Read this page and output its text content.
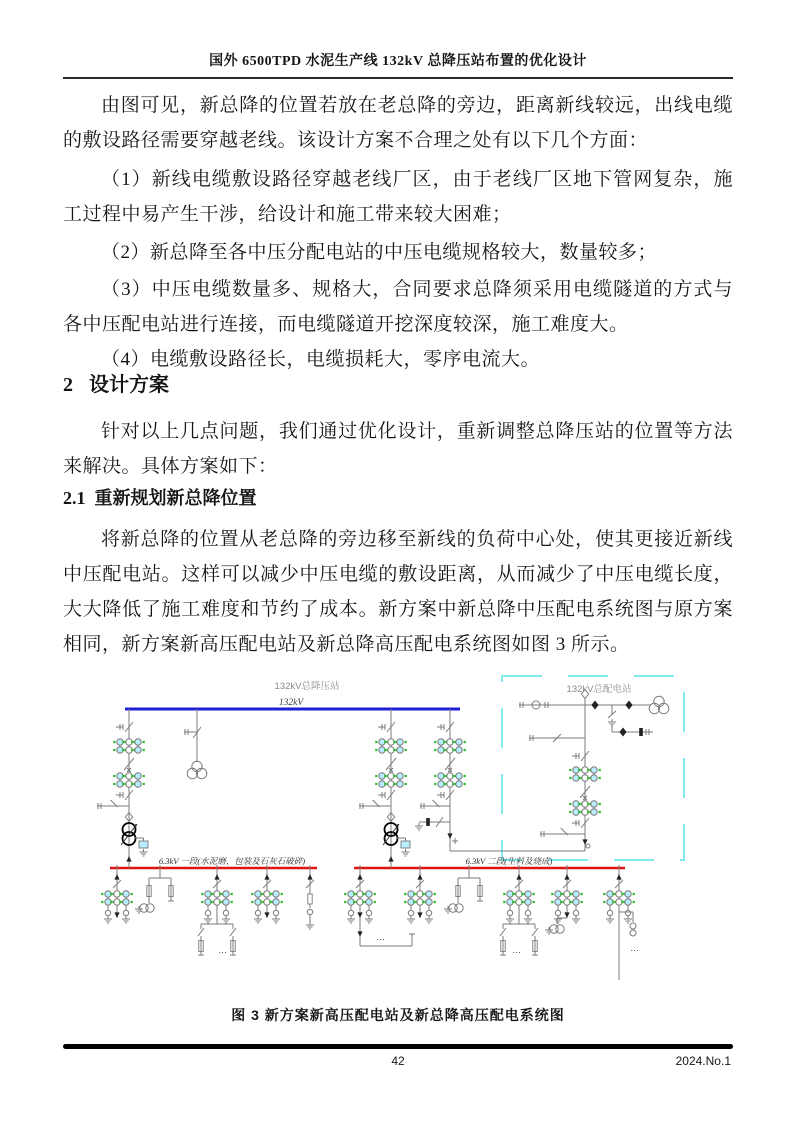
国外 6500TPD 水泥生产线 132kV 总降压站布置的优化设计

由图可见，新总降的位置若放在老总降的旁边，距离新线较远，出线电缆的敷设路径需要穿越老线。该设计方案不合理之处有以下几个方面：

（1）新线电缆敷设路径穿越老线厂区，由于老线厂区地下管网复杂，施工过程中易产生干涉，给设计和施工带来较大困难；

（2）新总降至各中压分配电站的中压电缆规格较大，数量较多；

（3）中压电缆数量多、规格大，合同要求总降须采用电缆隧道的方式与各中压配电站进行连接，而电缆隧道开挖深度较深，施工难度大。

（4）电缆敷设路径长，电缆损耗大，零序电流大。

2 设计方案

针对以上几点问题，我们通过优化设计，重新调整总降压站的位置等方法来解决。具体方案如下：

2.1 重新规划新总降位置

将新总降的位置从老总降的旁边移至新线的负荷中心处，使其更接近新线中压配电站。这样可以减少中压电缆的敷设距离，从而减少了中压电缆长度，大大降低了施工难度和节约了成本。新方案中新总降中压配电系统图与原方案相同，新方案新高压配电站及新总降高压配电系统图如图 3 所示。

132kV总降压站
132kV
132kV总配电站
6.3kV 一段(水泥磨、包装及石灰石破碎)	6.3kV 二段(生料及烧成)
…
…
…	…
图 3 新方案新高压配电站及新总降高压配电系统图
42	2024.No.1
